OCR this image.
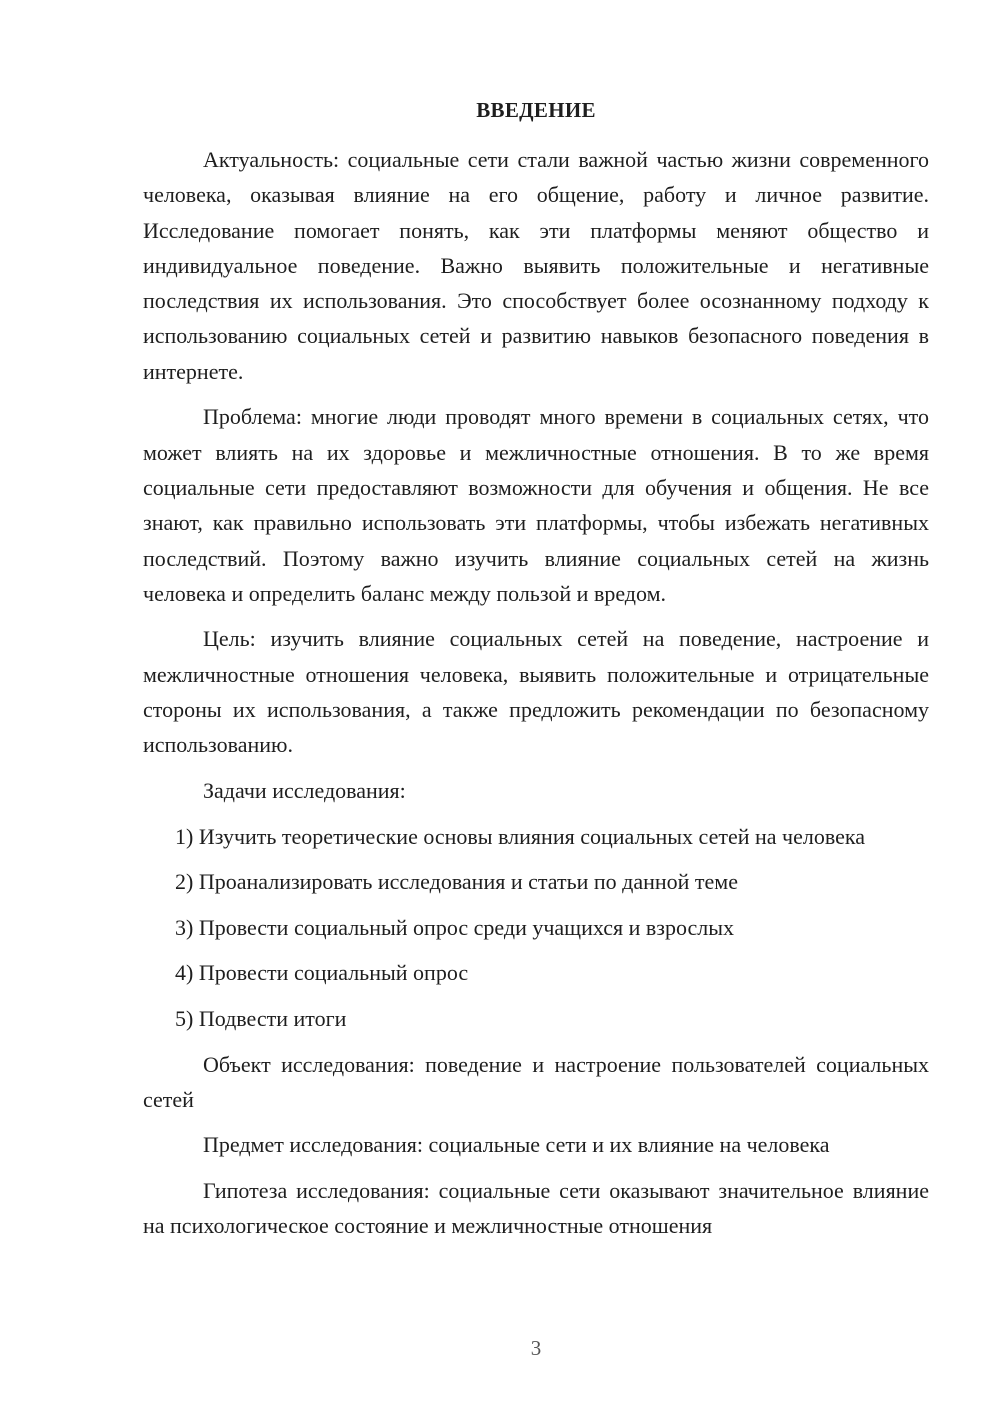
ВВЕДЕНИЕ

Актуальность: социальные сети стали важной частью жизни современного человека, оказывая влияние на его общение, работу и личное развитие. Исследование помогает понять, как эти платформы меняют общество и индивидуальное поведение. Важно выявить положительные и негативные последствия их использования. Это способствует более осознанному подходу к использованию социальных сетей и развитию навыков безопасного поведения в интернете.

Проблема: многие люди проводят много времени в социальных сетях, что может влиять на их здоровье и межличностные отношения. В то же время социальные сети предоставляют возможности для обучения и общения. Не все знают, как правильно использовать эти платформы, чтобы избежать негативных последствий. Поэтому важно изучить влияние социальных сетей на жизнь человека и определить баланс между пользой и вредом.

Цель: изучить влияние социальных сетей на поведение, настроение и межличностные отношения человека, выявить положительные и отрицательные стороны их использования, а также предложить рекомендации по безопасному использованию.

Задачи исследования:

1) Изучить теоретические основы влияния социальных сетей на человека

2) Проанализировать исследования и статьи по данной теме

3) Провести социальный опрос среди учащихся и взрослых

4) Провести социальный опрос

5) Подвести итоги

Объект исследования: поведение и настроение пользователей социальных сетей

Предмет исследования: социальные сети и их влияние на человека

Гипотеза исследования: социальные сети оказывают значительное влияние на психологическое состояние и межличностные отношения

3
